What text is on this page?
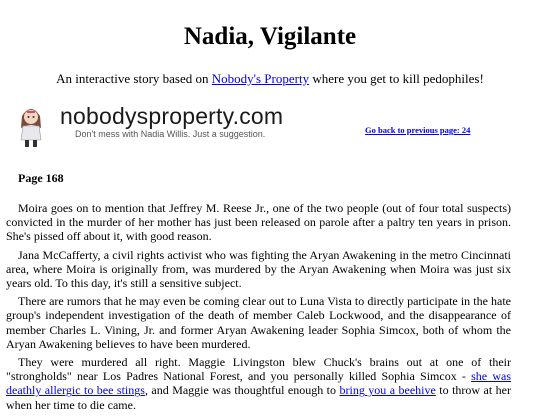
Nadia, Vigilante
An interactive story based on Nobody's Property where you get to kill pedophiles!
nobodysproperty.com
Don't mess with Nadia Willis. Just a suggestion.	Go back to previous page: 24
Page 168

Moira goes on to mention that Jeffrey M. Reese Jr., one of the two people (out of four total suspects) convicted in the murder of her mother has just been released on parole after a paltry ten years in prison. She's pissed off about it, with good reason.

Jana McCafferty, a civil rights activist who was fighting the Aryan Awakening in the metro Cincinnati area, where Moira is originally from, was murdered by the Aryan Awakening when Moira was just six years old. To this day, it's still a sensitive subject.

There are rumors that he may even be coming clear out to Luna Vista to directly participate in the hate group's independent investigation of the death of member Caleb Lockwood, and the disappearance of member Charles L. Vining, Jr. and former Aryan Awakening leader Sophia Simcox, both of whom the Aryan Awakening believes to have been murdered.

They were murdered all right. Maggie Livingston blew Chuck's brains out at one of their "strongholds" near Los Padres National Forest, and you personally killed Sophia Simcox - she was deathly allergic to bee stings, and Maggie was thoughtful enough to bring you a beehive to throw at her when her time to die came.
